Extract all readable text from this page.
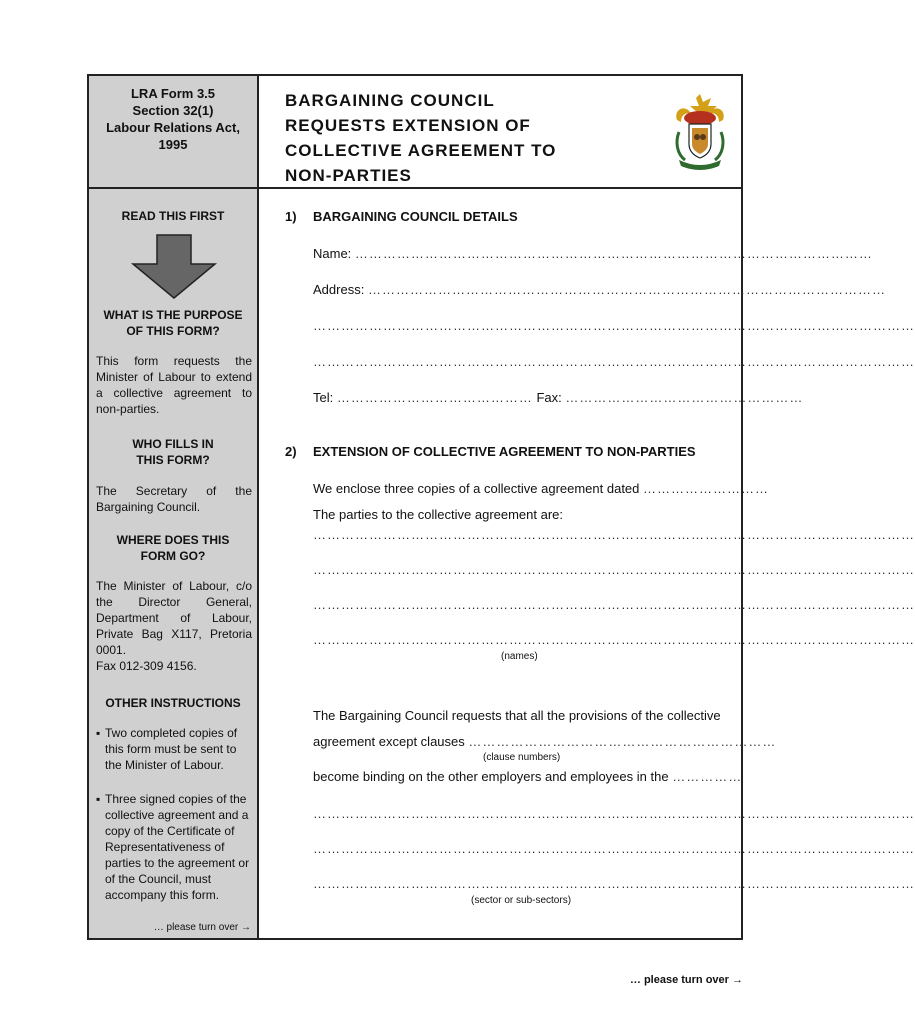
LRA Form 3.5
Section 32(1)
Labour Relations Act,
1995
BARGAINING COUNCIL
REQUESTS EXTENSION OF
COLLECTIVE AGREEMENT TO
NON-PARTIES
READ THIS FIRST
WHAT IS THE PURPOSE
OF THIS FORM?
This form requests the Minister of Labour to extend a collective agreement to non-parties.
WHO FILLS IN
THIS FORM?
The Secretary of the Bargaining Council.
WHERE DOES THIS
FORM GO?
The Minister of Labour, c/o the Director General, Department of Labour, Private Bag X117, Pretoria 0001.
Fax 012-309 4156.
OTHER INSTRUCTIONS
▪ Two completed copies of this form must be sent to the Minister of Labour.
▪ Three signed copies of the collective agreement and a copy of the Certificate of Representativeness of parties to the agreement or of the Council, must accompany this form.
… please turn over →
1) BARGAINING COUNCIL DETAILS
Name: …………………………………………………………………………………………………
Address: …………………………………………………………………………………………………
…………………………………………………………………………………………………………………
…………………………………………………………………………………………………………………
Tel: …………………………………… Fax: ……………………………………………
2) EXTENSION OF COLLECTIVE AGREEMENT TO NON-PARTIES
We enclose three copies of a collective agreement dated ………………………
The parties to the collective agreement are:
…………………………………………………………………………………………………………………
…………………………………………………………………………………………………………………
…………………………………………………………………………………………………………………
…………………………………………………………………………………………………………………
(names)
The Bargaining Council requests that all the provisions of the collective
agreement except clauses …………………………………………………………
(clause numbers)
become binding on the other employers and employees in the ……………
…………………………………………………………………………………………………………………
…………………………………………………………………………………………………………………
…………………………………………………………………………………………………………………
(sector or sub-sectors)
… please turn over →
